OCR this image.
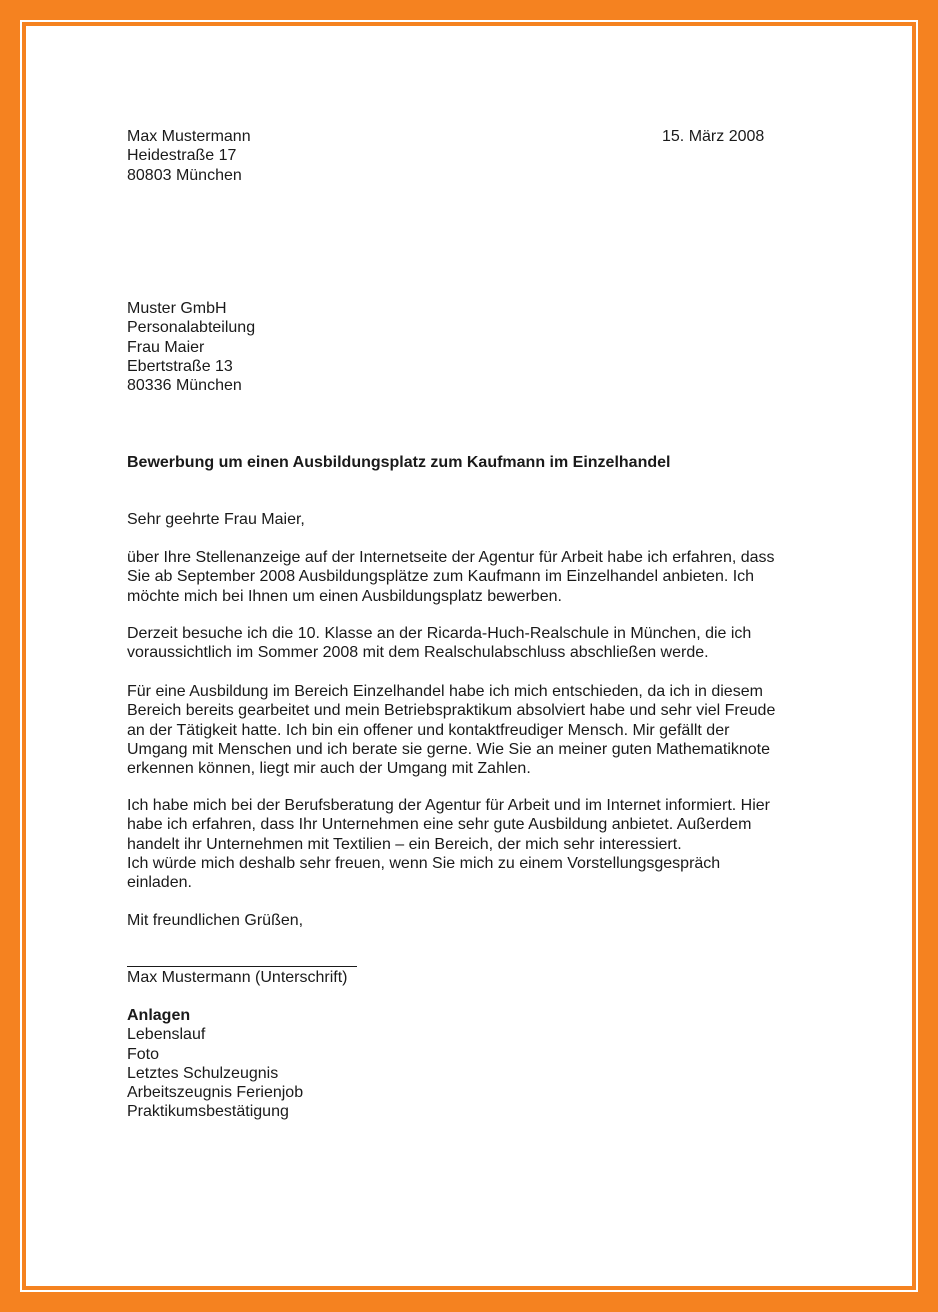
Max Mustermann
Heidestraße 17
80803 München
15. März 2008
Muster GmbH
Personalabteilung
Frau Maier
Ebertstraße 13
80336 München
Bewerbung um einen Ausbildungsplatz zum Kaufmann im Einzelhandel
Sehr geehrte Frau Maier,
über Ihre Stellenanzeige auf der Internetseite der Agentur für Arbeit habe ich erfahren, dass
Sie ab September 2008 Ausbildungsplätze zum Kaufmann im Einzelhandel anbieten. Ich
möchte mich bei Ihnen um einen Ausbildungsplatz bewerben.
Derzeit besuche ich die 10. Klasse an der Ricarda-Huch-Realschule in München, die ich
voraussichtlich im Sommer 2008 mit dem Realschulabschluss abschließen werde.
Für eine Ausbildung im Bereich Einzelhandel habe ich mich entschieden, da ich in diesem
Bereich bereits gearbeitet und mein Betriebspraktikum absolviert habe und sehr viel Freude
an der Tätigkeit hatte. Ich bin ein offener und kontaktfreudiger Mensch. Mir gefällt der
Umgang mit Menschen und ich berate sie gerne. Wie Sie an meiner guten Mathematiknote
erkennen können, liegt mir auch der Umgang mit Zahlen.
Ich habe mich bei der Berufsberatung der Agentur für Arbeit und im Internet informiert. Hier
habe ich erfahren, dass Ihr Unternehmen eine sehr gute Ausbildung anbietet. Außerdem
handelt ihr Unternehmen mit Textilien – ein Bereich, der mich sehr interessiert.
Ich würde mich deshalb sehr freuen, wenn Sie mich zu einem Vorstellungsgespräch
einladen.
Mit freundlichen Grüßen,
Max Mustermann (Unterschrift)
Anlagen
Lebenslauf
Foto
Letztes Schulzeugnis
Arbeitszeugnis Ferienjob
Praktikumsbestätigung
